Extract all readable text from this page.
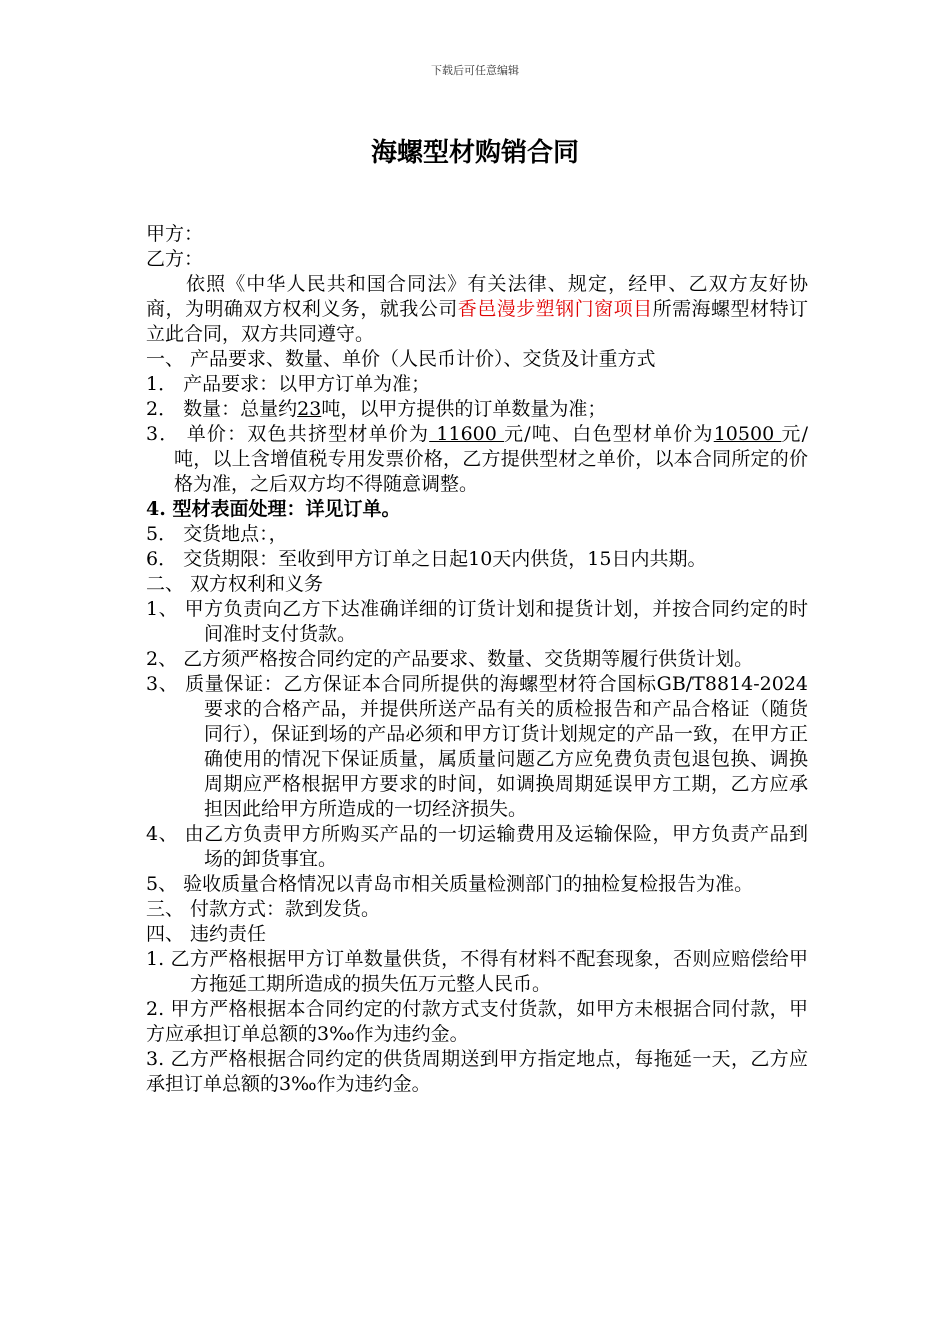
下载后可任意编辑
海螺型材购销合同

甲方：

乙方：

依照《中华人民共和国合同法》有关法律、规定，经甲、乙双方友好协商，为明确双方权利义务，就我公司香邑漫步塑钢门窗项目所需海螺型材特订立此合同，双方共同遵守。

一、 产品要求、数量、单价（人民币计价）、交货及计重方式

1． 产品要求：以甲方订单为准；

2． 数量：总量约23吨，以甲方提供的订单数量为准；

3． 单价：双色共挤型材单价为 11600 元/吨、白色型材单价为10500 元/吨，以上含增值税专用发票价格，乙方提供型材之单价，以本合同所定的价格为准，之后双方均不得随意调整。

4. 型材表面处理：详见订单。

5． 交货地点：，

6． 交货期限：至收到甲方订单之日起10天内供货，15日内共期。

二、 双方权利和义务

1、 甲方负责向乙方下达准确详细的订货计划和提货计划，并按合同约定的时间准时支付货款。

2、 乙方须严格按合同约定的产品要求、数量、交货期等履行供货计划。

3、 质量保证：乙方保证本合同所提供的海螺型材符合国标GB/T8814-2024要求的合格产品，并提供所送产品有关的质检报告和产品合格证（随货同行），保证到场的产品必须和甲方订货计划规定的产品一致，在甲方正确使用的情况下保证质量，属质量问题乙方应免费负责包退包换、调换周期应严格根据甲方要求的时间，如调换周期延误甲方工期，乙方应承担因此给甲方所造成的一切经济损失。

4、 由乙方负责甲方所购买产品的一切运输费用及运输保险，甲方负责产品到场的卸货事宜。

5、 验收质量合格情况以青岛市相关质量检测部门的抽检复检报告为准。

三、 付款方式：款到发货。

四、 违约责任

1. 乙方严格根据甲方订单数量供货，不得有材料不配套现象，否则应赔偿给甲方拖延工期所造成的损失伍万元整人民币。

2. 甲方严格根据本合同约定的付款方式支付货款，如甲方未根据合同付款，甲方应承担订单总额的3‰作为违约金。

3. 乙方严格根据合同约定的供货周期送到甲方指定地点，每拖延一天，乙方应承担订单总额的3‰作为违约金。
